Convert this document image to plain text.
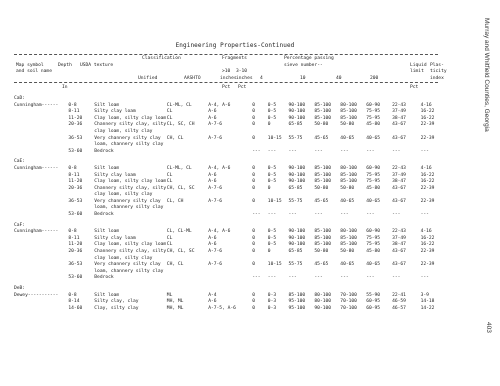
Engineering Properties-Continued	Murray and Whitfield Counties, Georgia
403
Classification	Fragments	Percentage passing
Map symbol	Depth USDA texture	sieve number--	Liquid Plas-
and soil name	>10 3-10	limit ticity
Unified	AASHTO	inches inches 4	10	40	200	index
In	Pct Pct	Pct

CaD:												
Cunningham------	0-8	Silt loam	CL-ML, CL	A-4, A-6	0	0-5	90-100	85-100	80-100	60-90	22-43	4-16
	8-11	Silty clay loam	CL	A-6	0	0-5	90-100	85-100	85-100	75-95	37-49	16-22
	11-20	Clay loam, silty clay loam	CL	A-6	0	0-5	90-100	85-100	85-100	75-95	38-47	16-22
	20-36	Channery silty clay, silty clay loam, silty clay	CL, SC, CH	A-7-6	0	0	65-85	50-80	50-80	45-80	43-67	22-39
	36-53	Very channery silty clay loam, channery silty clay	CH, CL	A-7-6	0	10-15	55-75	45-65	40-65	40-65	43-67	22-39
	53-60	Bedrock			---	---	---	---	---	---	---	---

CaE:												
Cunningham------	0-8	Silt loam	CL-ML, CL	A-4, A-6	0	0-5	90-100	85-100	80-100	60-90	22-43	4-16
	8-11	Silty clay loam	CL	A-6	0	0-5	90-100	85-100	85-100	75-95	37-49	16-22
	11-20	Clay loam, silty clay loam	CL	A-6	0	0-5	90-100	85-100	85-100	75-95	38-47	16-22
	20-36	Channery silty clay, silty clay loam, silty clay	CH, CL, SC	A-7-6	0	0	65-85	50-80	50-80	45-80	43-67	22-39
	36-53	Very channery silty clay loam, channery silty clay	CL, CH	A-7-6	0	10-15	55-75	45-65	40-65	40-65	43-67	22-39
	53-60	Bedrock			---	---	---	---	---	---	---	---

CaF:												
Cunningham------	0-8	Silt loam	CL, CL-ML	A-4, A-6	0	0-5	90-100	85-100	80-100	60-90	22-43	4-16
	8-11	Silty clay loam	CL	A-6	0	0-5	90-100	85-100	85-100	75-95	37-49	16-22
	11-20	Clay loam, silty clay loam	CL	A-6	0	0-5	90-100	85-100	85-100	75-95	38-47	16-22
	20-36	Channery silty clay, silty clay loam, silty clay	CH, CL, SC	A-7-6	0	0	65-85	50-80	50-80	45-80	43-67	22-39
	36-53	Very channery silty clay loam, channery silty clay	CH, CL	A-7-6	0	10-15	55-75	45-65	40-65	40-65	43-67	22-39
	53-60	Bedrock			---	---	---	---	---	---	---	---

DeB:												
Dewey-----------	0-8	Silt loam	ML	A-4	0	0-3	85-100	80-100	70-100	55-90	22-41	3-9
	8-14	Silty clay, clay	MH, ML	A-6	0	0-3	95-100	80-100	70-100	60-95	46-59	14-18
	14-60	Clay, silty clay	MH, ML	A-7-5, A-6	0	0-3	95-100	90-100	70-100	60-95	46-57	14-22
